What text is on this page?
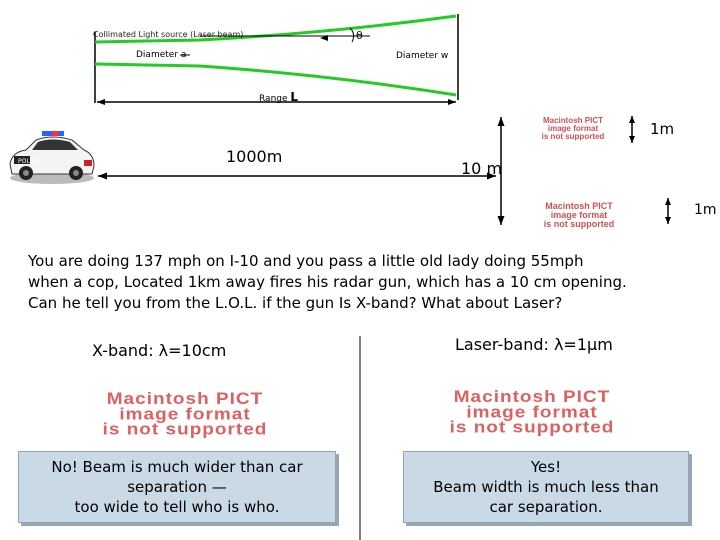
Collimated Light source (Laser beam)	θ
Diameter a	Diameter w
Range L
POLICE	1000m
10 m
1m
1m
Macintosh PICT
image format
is not supported
Macintosh PICT
image format
is not supported

You are doing 137 mph on I-10 and you pass a little old lady doing 55mph

when a cop, Located 1km away fires his radar gun, which has a 10 cm opening.

Can he tell you from the L.O.L. if the gun Is X-band? What about Laser?

X-band: λ=10cm
Macintosh PICT
image format
is not supported
No! Beam is much wider than car
separation —
too wide to tell who is who.
Laser-band: λ=1μm
Macintosh PICT
image format
is not supported
Yes!
Beam width is much less than
car separation.
